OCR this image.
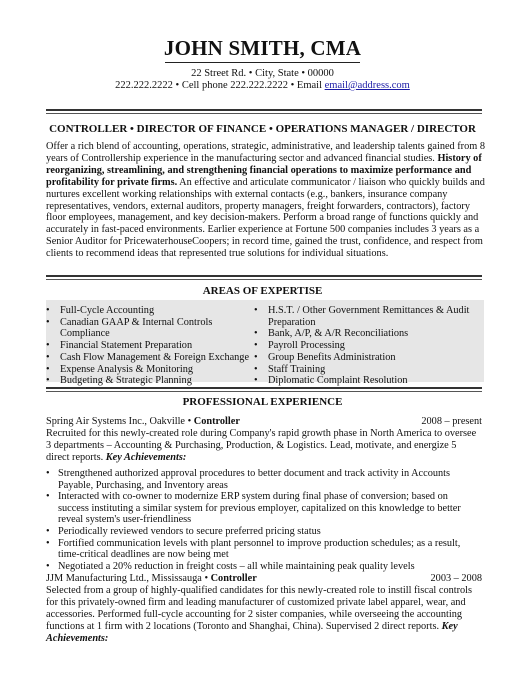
JOHN SMITH, CMA
22 Street Rd. • City, State • 00000
222.222.2222 • Cell phone 222.222.2222 • Email email@address.com
CONTROLLER • DIRECTOR OF FINANCE • OPERATIONS MANAGER / DIRECTOR
Offer a rich blend of accounting, operations, strategic, administrative, and leadership talents gained from 8 years of Controllership experience in the manufacturing sector and advanced financial studies. History of reorganizing, streamlining, and strengthening financial operations to maximize performance and profitability for private firms. An effective and articulate communicator / liaison who quickly builds and nurtures excellent working relationships with external contacts (e.g., bankers, insurance company representatives, vendors, external auditors, property managers, freight forwarders, contractors), factory floor employees, management, and key decision-makers. Perform a broad range of functions quickly and accurately in fast-paced environments. Earlier experience at Fortune 500 companies includes 3 years as a Senior Auditor for PricewaterhouseCoopers; in record time, gained the trust, confidence, and respect from clients to recommend ideas that represented true solutions for individual situations.
AREAS OF EXPERTISE
• Full-Cycle Accounting
• Canadian GAAP & Internal Controls Compliance
• Financial Statement Preparation
• Cash Flow Management & Foreign Exchange
• Expense Analysis & Monitoring
• Budgeting & Strategic Planning
• H.S.T. / Other Government Remittances & Audit Preparation
• Bank, A/P, & A/R Reconciliations
• Payroll Processing
• Group Benefits Administration
• Staff Training
• Diplomatic Complaint Resolution
PROFESSIONAL EXPERIENCE
Spring Air Systems Inc., Oakville • Controller	2008 – present
Recruited for this newly-created role during Company's rapid growth phase in North America to oversee 3 departments – Accounting & Purchasing, Production, & Logistics. Lead, motivate, and energize 5 direct reports. Key Achievements:
• Strengthened authorized approval procedures to better document and track activity in Accounts Payable, Purchasing, and Inventory areas
• Interacted with co-owner to modernize ERP system during final phase of conversion; based on success instituting a similar system for previous employer, capitalized on this knowledge to better reveal system's user-friendliness
• Periodically reviewed vendors to secure preferred pricing status
• Fortified communication levels with plant personnel to improve production schedules; as a result, time-critical deadlines are now being met
• Negotiated a 20% reduction in freight costs – all while maintaining peak quality levels
JJM Manufacturing Ltd., Mississauga • Controller	2003 – 2008
Selected from a group of highly-qualified candidates for this newly-created role to instill fiscal controls for this privately-owned firm and leading manufacturer of customized private label apparel, wear, and accessories. Performed full-cycle accounting for 2 sister companies, while overseeing the accounting functions at 1 firm with 2 locations (Toronto and Shanghai, China). Supervised 2 direct reports. Key Achievements:
